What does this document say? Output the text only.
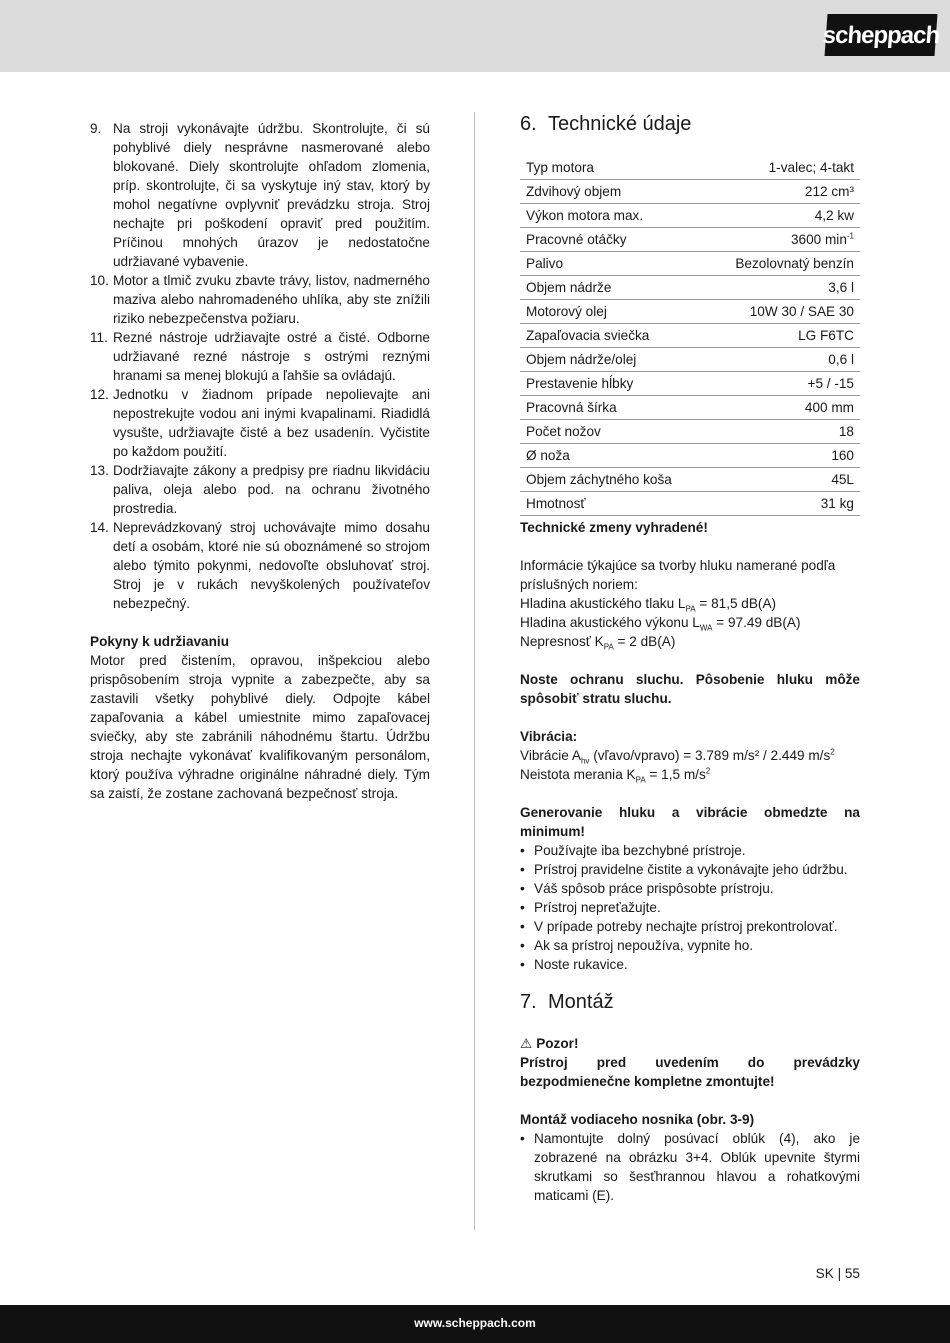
scheppach
9. Na stroji vykonávajte údržbu. Skontrolujte, či sú pohyblivé diely nesprávne nasmerované alebo blokované. Diely skontrolujte ohľadom zlomenia, príp. skontrolujte, či sa vyskytuje iný stav, ktorý by mohol negatívne ovplyvniť prevádzku stroja. Stroj nechajte pri poškodení opraviť pred použitím. Príčinou mnohých úrazov je nedostatočne udržiavané vybavenie.
10. Motor a tlmič zvuku zbavte trávy, listov, nadmerného maziva alebo nahromadeného uhlíka, aby ste znížili riziko nebezpečenstva požiaru.
11. Rezné nástroje udržiavajte ostré a čisté. Odborne udržiavané rezné nástroje s ostrými reznými hranami sa menej blokujú a ľahšie sa ovládajú.
12. Jednotku v žiadnom prípade nepolievajte ani nepostrekujte vodou ani inými kvapalinami. Riadidlá vysušte, udržiavajte čisté a bez usadenín. Vyčistite po každom použití.
13. Dodržiavajte zákony a predpisy pre riadnu likvidáciu paliva, oleja alebo pod. na ochranu životného prostredia.
14. Neprevádzkovaný stroj uchovávajte mimo dosahu detí a osobám, ktoré nie sú oboznámené so strojom alebo týmito pokynmi, nedovoľte obsluhovať stroj. Stroj je v rukách nevyškolených používateľov nebezpečný.

Pokyny k udržiavaniu

Motor pred čistením, opravou, inšpekciou alebo prispôsobením stroja vypnite a zabezpečte, aby sa zastavili všetky pohyblivé diely. Odpojte kábel zapaľovania a kábel umiestnite mimo zapaľovacej sviečky, aby ste zabránili náhodnému štartu. Údržbu stroja nechajte vykonávať kvalifikovaným personálom, ktorý používa výhradne originálne náhradné diely. Tým sa zaistí, že zostane zachovaná bezpečnosť stroja.

6. Technické údaje
Typ motora	1-valec; 4-takt
Zdvihový objem	212 cm³
Výkon motora max.	4,2 kw
Pracovné otáčky	3600 $\min^{-1}$
Palivo	Bezolovnatý benzín
Objem nádrže	3,6 l
Motorový olej	10W 30 / SAE 30
Zapaľovacia sviečka	LG F6TC
Objem nádrže/olej	0,6 l
Prestavenie hĺbky	+5 / -15
Pracovná šírka	400 mm
Počet nožov	18
Ø noža	160
Objem záchytného koša	45L
Hmotnosť	31 kg

Technické zmeny vyhradené!

Informácie týkajúce sa tvorby hluku namerané podľa príslušných noriem:

Hladina akustického tlaku $L_{PA} = 81,5$ dB(A)

Hladina akustického výkonu $L_{WA} = 97.49$ dB(A)

Nepresnosť $K_{PA} = 2$ dB(A)

Noste ochranu sluchu. Pôsobenie hluku môže spôsobiť stratu sluchu.

Vibrácia:

Vibrácie $A_{hv}$ (vľavo/vpravo) = 3.789 m/s² / 2.449 $m/s^2$

Neistota merania $K_{PA} = 1,5$ $m/s^2$

Generovanie hluku a vibrácie obmedzte na minimum!

• Používajte iba bezchybné prístroje.
• Prístroj pravidelne čistite a vykonávajte jeho údržbu.
• Váš spôsob práce prispôsobte prístroju.
• Prístroj nepreťažujte.
• V prípade potreby nechajte prístroj prekontrolovať.
• Ak sa prístroj nepoužíva, vypnite ho.
• Noste rukavice.
7. Montáž

⚠ Pozor!

Prístroj pred uvedením do prevádzky bezpodmienečne kompletne zmontujte!

Montáž vodiaceho nosnika (obr. 3-9)

• Namontujte dolný posúvací oblúk (4), ako je zobrazené na obrázku 3+4. Oblúk upevnite štyrmi skrutkami so šesťhrannou hlavou a rohatkovými maticami (E).
SK | 55
www.scheppach.com
